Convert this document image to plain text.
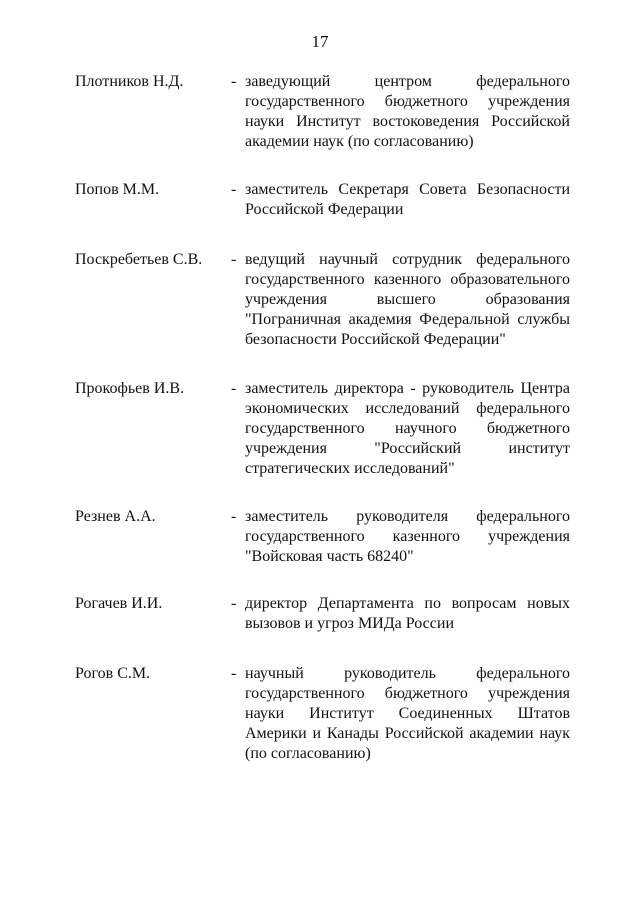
17
Плотников Н.Д.	- заведующий центром федерального
государственного бюджетного учреждения
науки Институт востоковедения Российской
академии наук (по согласованию)
Попов М.М.	- заместитель Секретаря Совета Безопасности
Российской Федерации
Поскребетьев С.В. - ведущий научный сотрудник федерального
государственного казенного образовательного
учреждения высшего образования
"Пограничная академия Федеральной службы
безопасности Российской Федерации"
Прокофьев И.В.	- заместитель директора - руководитель Центра
экономических исследований федерального
государственного научного бюджетного
учреждения "Российский институт
стратегических исследований"
Резнев А.А.	- заместитель руководителя федерального
государственного казенного учреждения
"Войсковая часть 68240"
Рогачев И.И.	- директор Департамента по вопросам новых
вызовов и угроз МИДа России
Рогов С.М.	- научный руководитель федерального
государственного бюджетного учреждения
науки Институт Соединенных Штатов
Америки и Канады Российской академии наук
(по согласованию)
